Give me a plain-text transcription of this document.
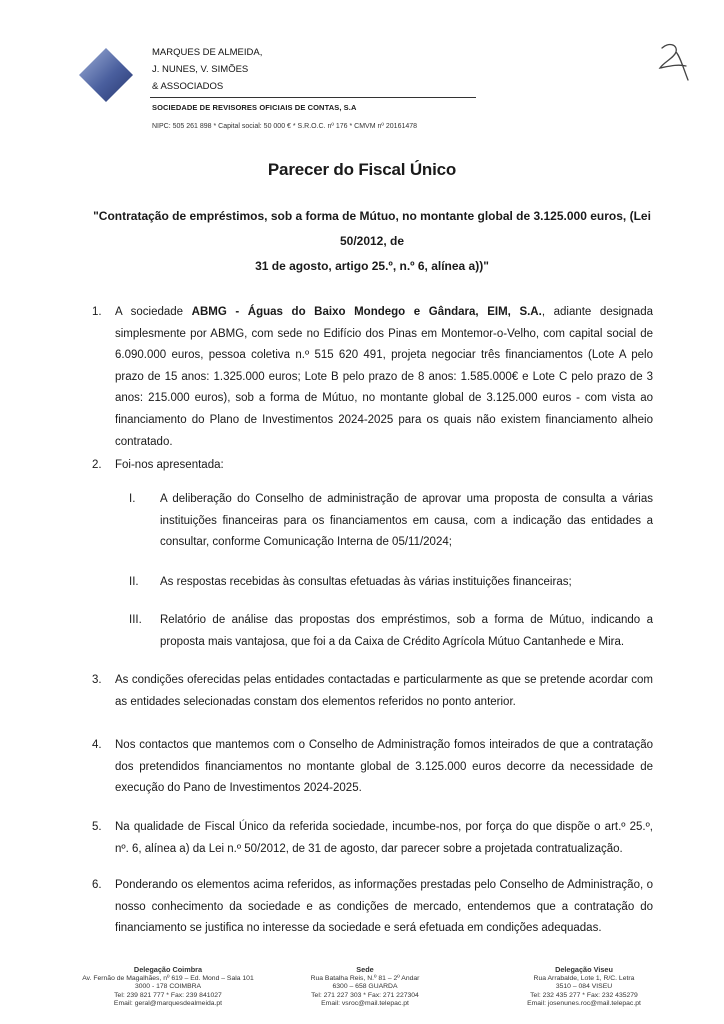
MARQUES DE ALMEIDA,
J. NUNES, V. SIMÕES
& ASSOCIADOS
SOCIEDADE DE REVISORES OFICIAIS DE CONTAS, S.A
NIPC: 505 261 898 * Capital social: 50 000 € * S.R.O.C. nº 176 * CMVM nº 20161478
Parecer do Fiscal Único
"Contratação de empréstimos, sob a forma de Mútuo, no montante global de 3.125.000 euros, (Lei 50/2012, de
31 de agosto, artigo 25.º, n.º 6, alínea a))"
1. A sociedade ABMG - Águas do Baixo Mondego e Gândara, EIM, S.A., adiante designada simplesmente por ABMG, com sede no Edifício dos Pinas em Montemor-o-Velho, com capital social de 6.090.000 euros, pessoa coletiva n.º 515 620 491, projeta negociar três financiamentos (Lote A pelo prazo de 15 anos: 1.325.000 euros; Lote B pelo prazo de 8 anos: 1.585.000€ e Lote C pelo prazo de 3 anos: 215.000 euros), sob a forma de Mútuo, no montante global de 3.125.000 euros - com vista ao financiamento do Plano de Investimentos 2024-2025 para os quais não existem financiamento alheio contratado.
2. Foi-nos apresentada:
I. A deliberação do Conselho de administração de aprovar uma proposta de consulta a várias instituições financeiras para os financiamentos em causa, com a indicação das entidades a consultar, conforme Comunicação Interna de 05/11/2024;
II. As respostas recebidas às consultas efetuadas às várias instituições financeiras;
III. Relatório de análise das propostas dos empréstimos, sob a forma de Mútuo, indicando a proposta mais vantajosa, que foi a da Caixa de Crédito Agrícola Mútuo Cantanhede e Mira.
3. As condições oferecidas pelas entidades contactadas e particularmente as que se pretende acordar com as entidades selecionadas constam dos elementos referidos no ponto anterior.
4. Nos contactos que mantemos com o Conselho de Administração fomos inteirados de que a contratação dos pretendidos financiamentos no montante global de 3.125.000 euros decorre da necessidade de execução do Pano de Investimentos 2024-2025.
5. Na qualidade de Fiscal Único da referida sociedade, incumbe-nos, por força do que dispõe o art.º 25.º, nº. 6, alínea a) da Lei n.º 50/2012, de 31 de agosto, dar parecer sobre a projetada contratualização.
6. Ponderando os elementos acima referidos, as informações prestadas pelo Conselho de Administração, o nosso conhecimento da sociedade e as condições de mercado, entendemos que a contratação do financiamento se justifica no interesse da sociedade e será efetuada em condições adequadas.
Delegação Coimbra
Av. Fernão de Magalhães, nº 619 – Ed. Mond – Sala 101
3000 - 178 COIMBRA
Tel: 239 821 777 * Fax: 239 841027
Email: geral@marquesdealmeida.pt
Sede
Rua Batalha Reis, N.º 81 – 2º Andar
6300 – 658 GUARDA
Tel: 271 227 303 * Fax: 271 227304
Email: vsroc@mail.telepac.pt
Delegação Viseu
Rua Arrabalde, Lote 1, R/C. Letra
3510 – 084 VISEU
Tel: 232 435 277 * Fax: 232 435279
Email: josenunes.roc@mail.telepac.pt
